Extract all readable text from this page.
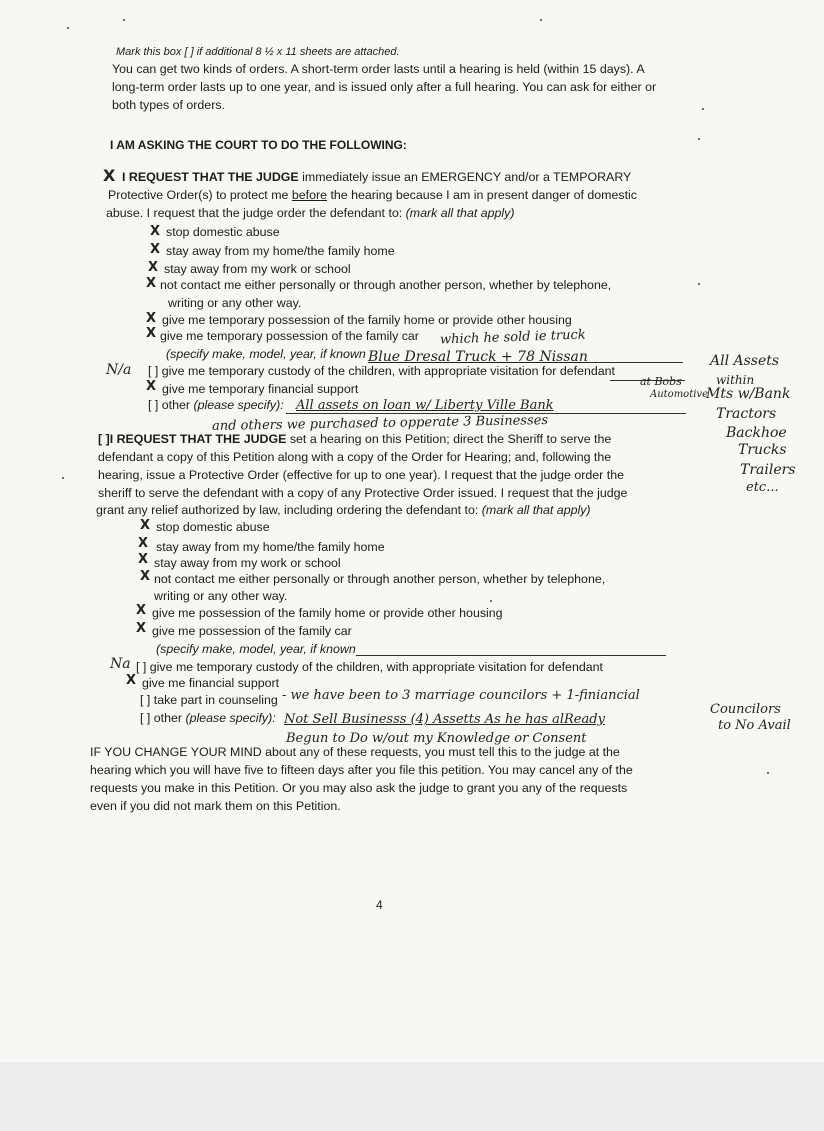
Mark this box [ ] if additional 8 ½ x 11 sheets are attached.
You can get two kinds of orders. A short-term order lasts until a hearing is held (within 15 days). A
long-term order lasts up to one year, and is issued only after a full hearing. You can ask for either or
both types of orders.
I AM ASKING THE COURT TO DO THE FOLLOWING:
X I REQUEST THAT THE JUDGE immediately issue an EMERGENCY and/or a TEMPORARY
Protective Order(s) to protect me before the hearing because I am in present danger of domestic
abuse. I request that the judge order the defendant to: (mark all that apply)
X stop domestic abuse
X stay away from my home/the family home
X stay away from my work or school
X not contact me either personally or through another person, whether by telephone,
writing or any other way.
X give me temporary possession of the family home or provide other housing
X give me temporary possession of the family car
(specify make, model, year, if known
[ ] give me temporary custody of the children, with appropriate visitation for defendant
X give me temporary financial support
[ ] other (please specify):
[ ]I REQUEST THAT THE JUDGE set a hearing on this Petition; direct the Sheriff to serve the
defendant a copy of this Petition along with a copy of the Order for Hearing; and, following the
hearing, issue a Protective Order (effective for up to one year). I request that the judge order the
sheriff to serve the defendant with a copy of any Protective Order issued. I request that the judge
grant any relief authorized by law, including ordering the defendant to: (mark all that apply)
X stop domestic abuse
X stay away from my home/the family home
X stay away from my work or school
X not contact me either personally or through another person, whether by telephone,
writing or any other way.
X give me possession of the family home or provide other housing
X give me possession of the family car
(specify make, model, year, if known
[ ] give me temporary custody of the children, with appropriate visitation for defendant
X give me financial support
[ ] take part in counseling
[ ] other (please specify):
IF YOU CHANGE YOUR MIND about any of these requests, you must tell this to the judge at the
hearing which you will have five to fifteen days after you file this petition. You may cancel any of the
requests you make in this Petition. Or you may also ask the judge to grant you any of the requests
even if you did not mark them on this Petition.
4
which he sold ie truck
Blue Dresal Truck + 78 Nissan
N/a
at Bobs
Automotive
All assets on loan w/ Liberty Ville Bank
and others we purchased to opperate 3 Businesses
All Assets
within
Mts w/Bank
Tractors
Backhoe
Trucks
Trailers
etc...
Na
- we have been to 3 marriage councilors + 1-finiancial
Councilors
to No Avail
Not Sell Businesss (4) Assetts As he has alReady
Begun to Do w/out my Knowledge or Consent
